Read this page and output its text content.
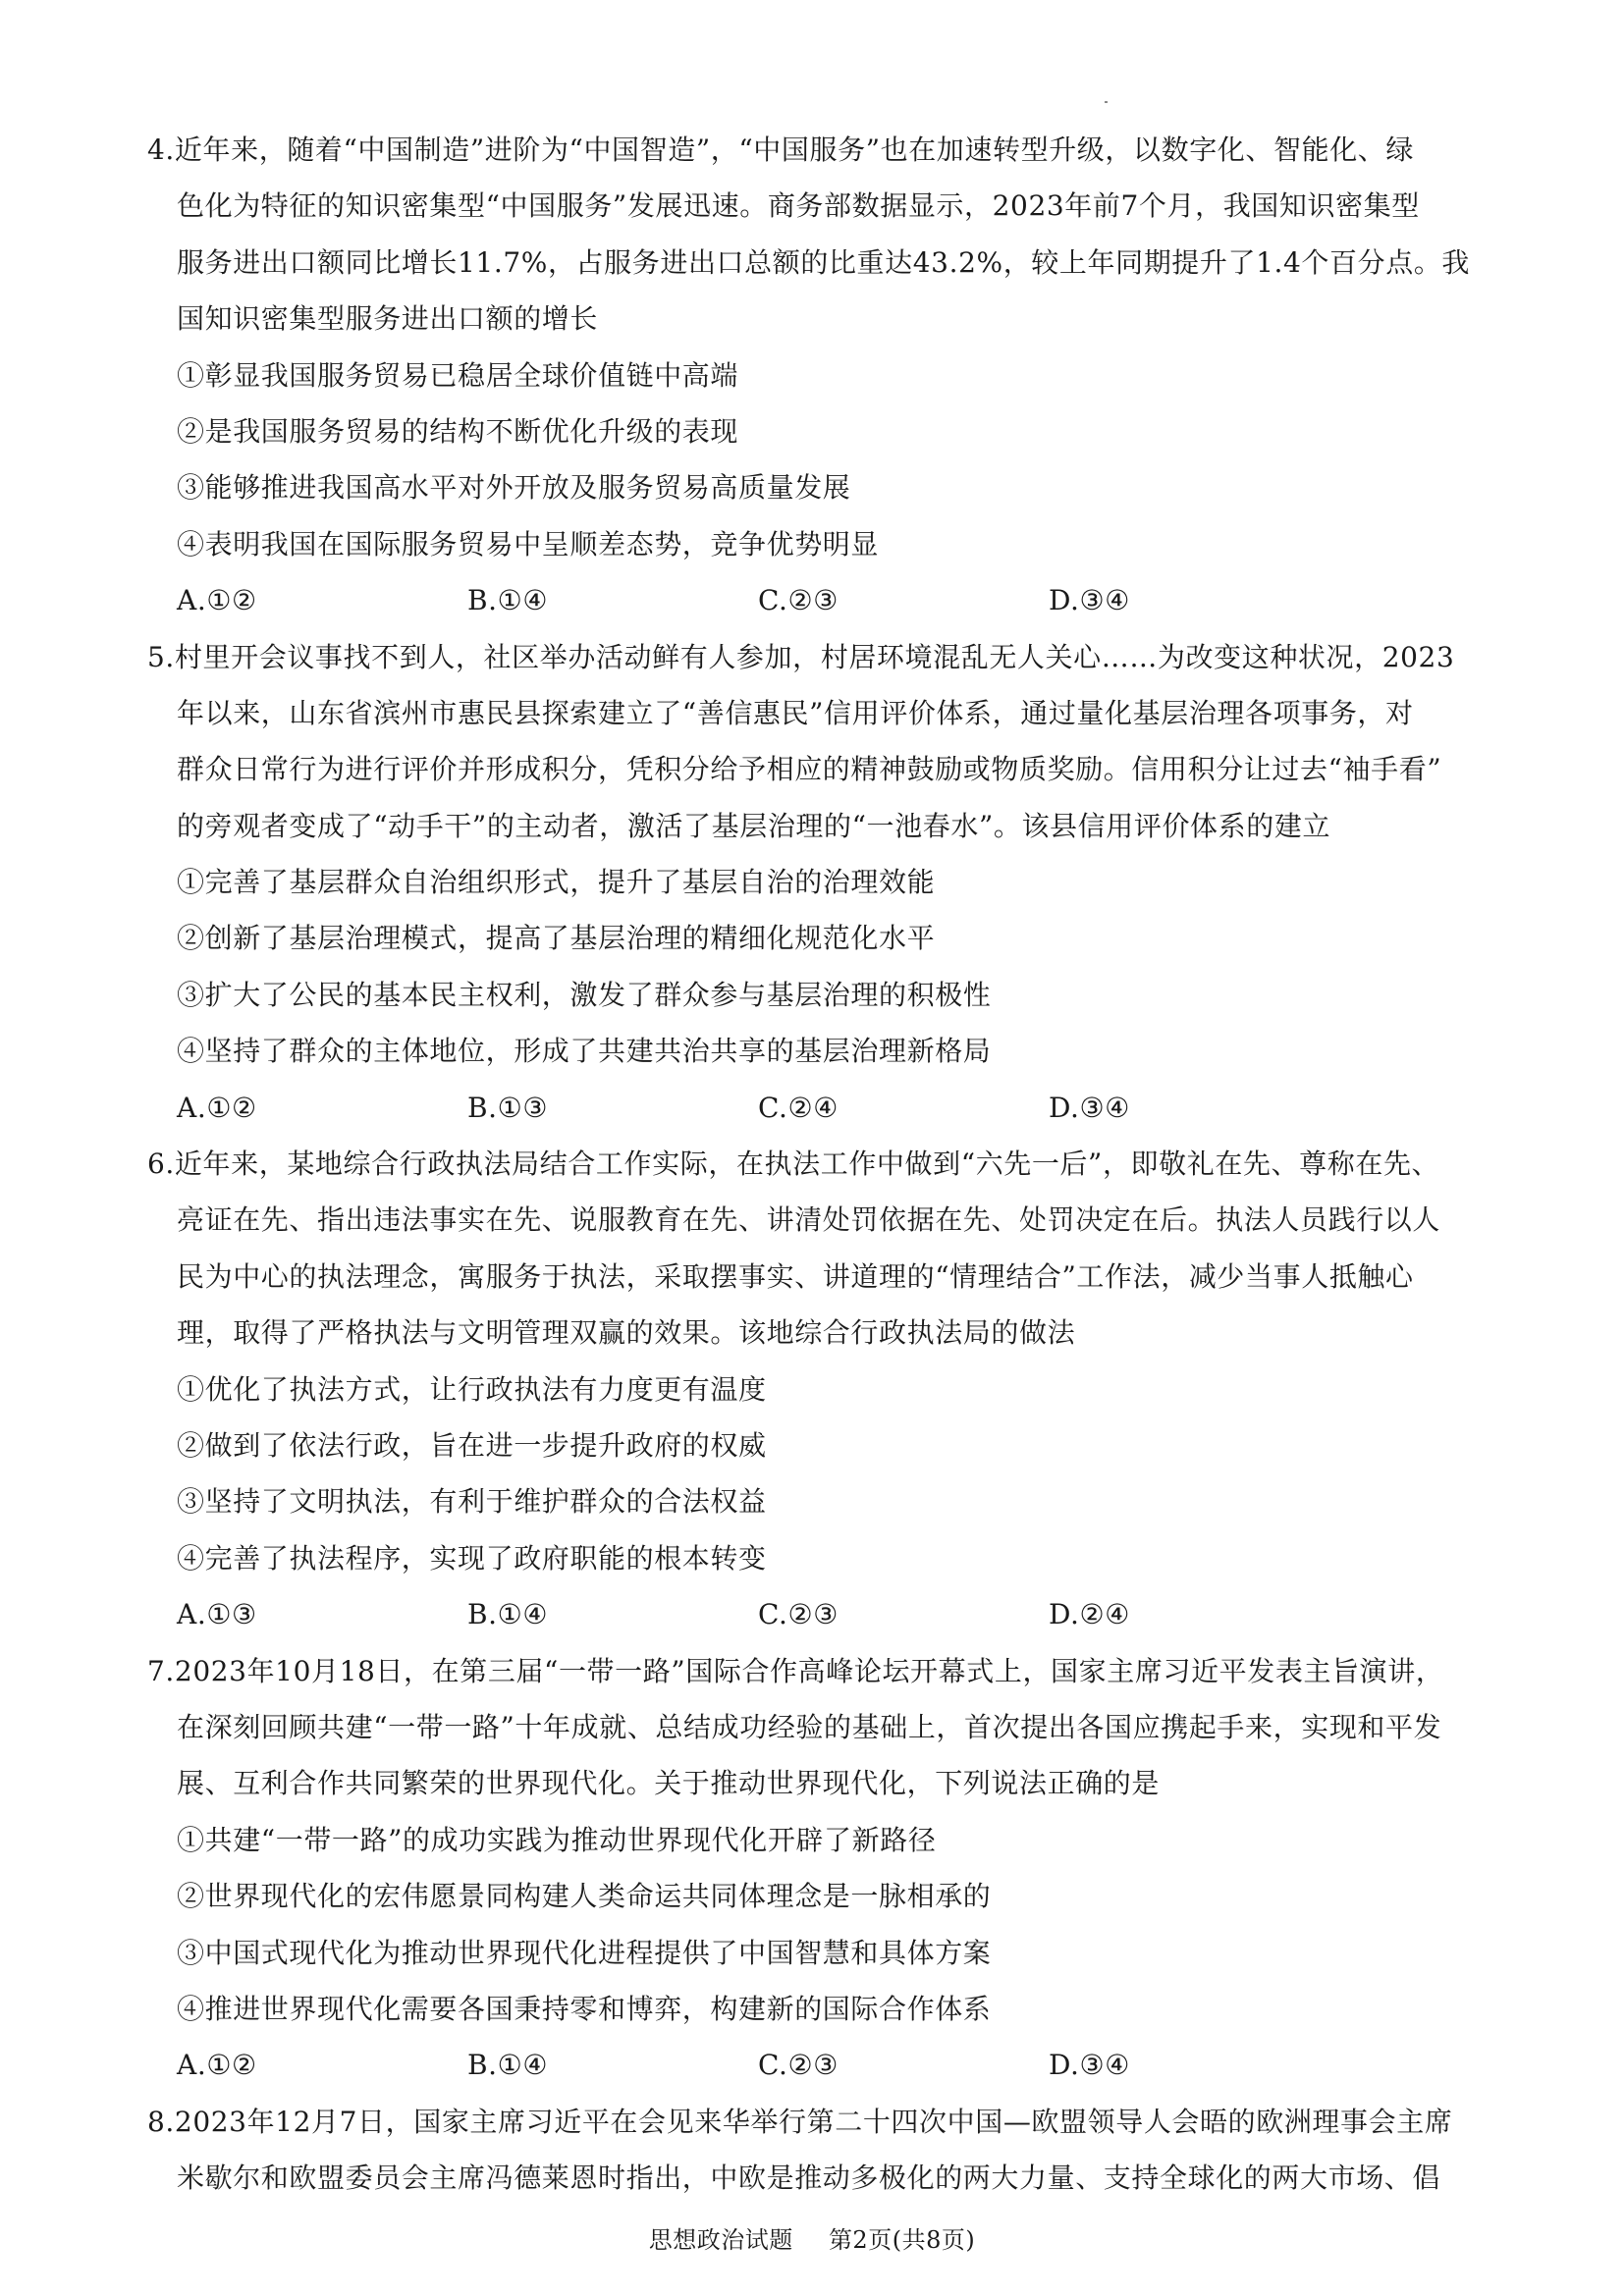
4.近年来，随着“中国制造”进阶为“中国智造”，“中国服务”也在加速转型升级，以数字化、智能化、绿
色化为特征的知识密集型“中国服务”发展迅速。商务部数据显示，2023年前7个月，我国知识密集型
服务进出口额同比增长11.7%，占服务进出口总额的比重达43.2%，较上年同期提升了1.4个百分点。我
国知识密集型服务进出口额的增长
①彰显我国服务贸易已稳居全球价值链中高端
②是我国服务贸易的结构不断优化升级的表现
③能够推进我国高水平对外开放及服务贸易高质量发展
④表明我国在国际服务贸易中呈顺差态势，竞争优势明显
A.①②	B.①④	C.②③	D.③④
5.村里开会议事找不到人，社区举办活动鲜有人参加，村居环境混乱无人关心……为改变这种状况，2023
年以来，山东省滨州市惠民县探索建立了“善信惠民”信用评价体系，通过量化基层治理各项事务，对
群众日常行为进行评价并形成积分，凭积分给予相应的精神鼓励或物质奖励。信用积分让过去“袖手看”
的旁观者变成了“动手干”的主动者，激活了基层治理的“一池春水”。该县信用评价体系的建立
①完善了基层群众自治组织形式，提升了基层自治的治理效能
②创新了基层治理模式，提高了基层治理的精细化规范化水平
③扩大了公民的基本民主权利，激发了群众参与基层治理的积极性
④坚持了群众的主体地位，形成了共建共治共享的基层治理新格局
A.①②	B.①③	C.②④	D.③④
6.近年来，某地综合行政执法局结合工作实际，在执法工作中做到“六先一后”，即敬礼在先、尊称在先、
亮证在先、指出违法事实在先、说服教育在先、讲清处罚依据在先、处罚决定在后。执法人员践行以人
民为中心的执法理念，寓服务于执法，采取摆事实、讲道理的“情理结合”工作法，减少当事人抵触心
理，取得了严格执法与文明管理双赢的效果。该地综合行政执法局的做法
①优化了执法方式，让行政执法有力度更有温度
②做到了依法行政，旨在进一步提升政府的权威
③坚持了文明执法，有利于维护群众的合法权益
④完善了执法程序，实现了政府职能的根本转变
A.①③	B.①④	C.②③	D.②④
7.2023年10月18日，在第三届“一带一路”国际合作高峰论坛开幕式上，国家主席习近平发表主旨演讲，
在深刻回顾共建“一带一路”十年成就、总结成功经验的基础上，首次提出各国应携起手来，实现和平发
展、互利合作共同繁荣的世界现代化。关于推动世界现代化，下列说法正确的是
①共建“一带一路”的成功实践为推动世界现代化开辟了新路径
②世界现代化的宏伟愿景同构建人类命运共同体理念是一脉相承的
③中国式现代化为推动世界现代化进程提供了中国智慧和具体方案
④推进世界现代化需要各国秉持零和博弈，构建新的国际合作体系
A.①②	B.①④	C.②③	D.③④
8.2023年12月7日，国家主席习近平在会见来华举行第二十四次中国—欧盟领导人会晤的欧洲理事会主席
米歇尔和欧盟委员会主席冯德莱恩时指出，中欧是推动多极化的两大力量、支持全球化的两大市场、倡
思想政治试题 第2页(共8页)
